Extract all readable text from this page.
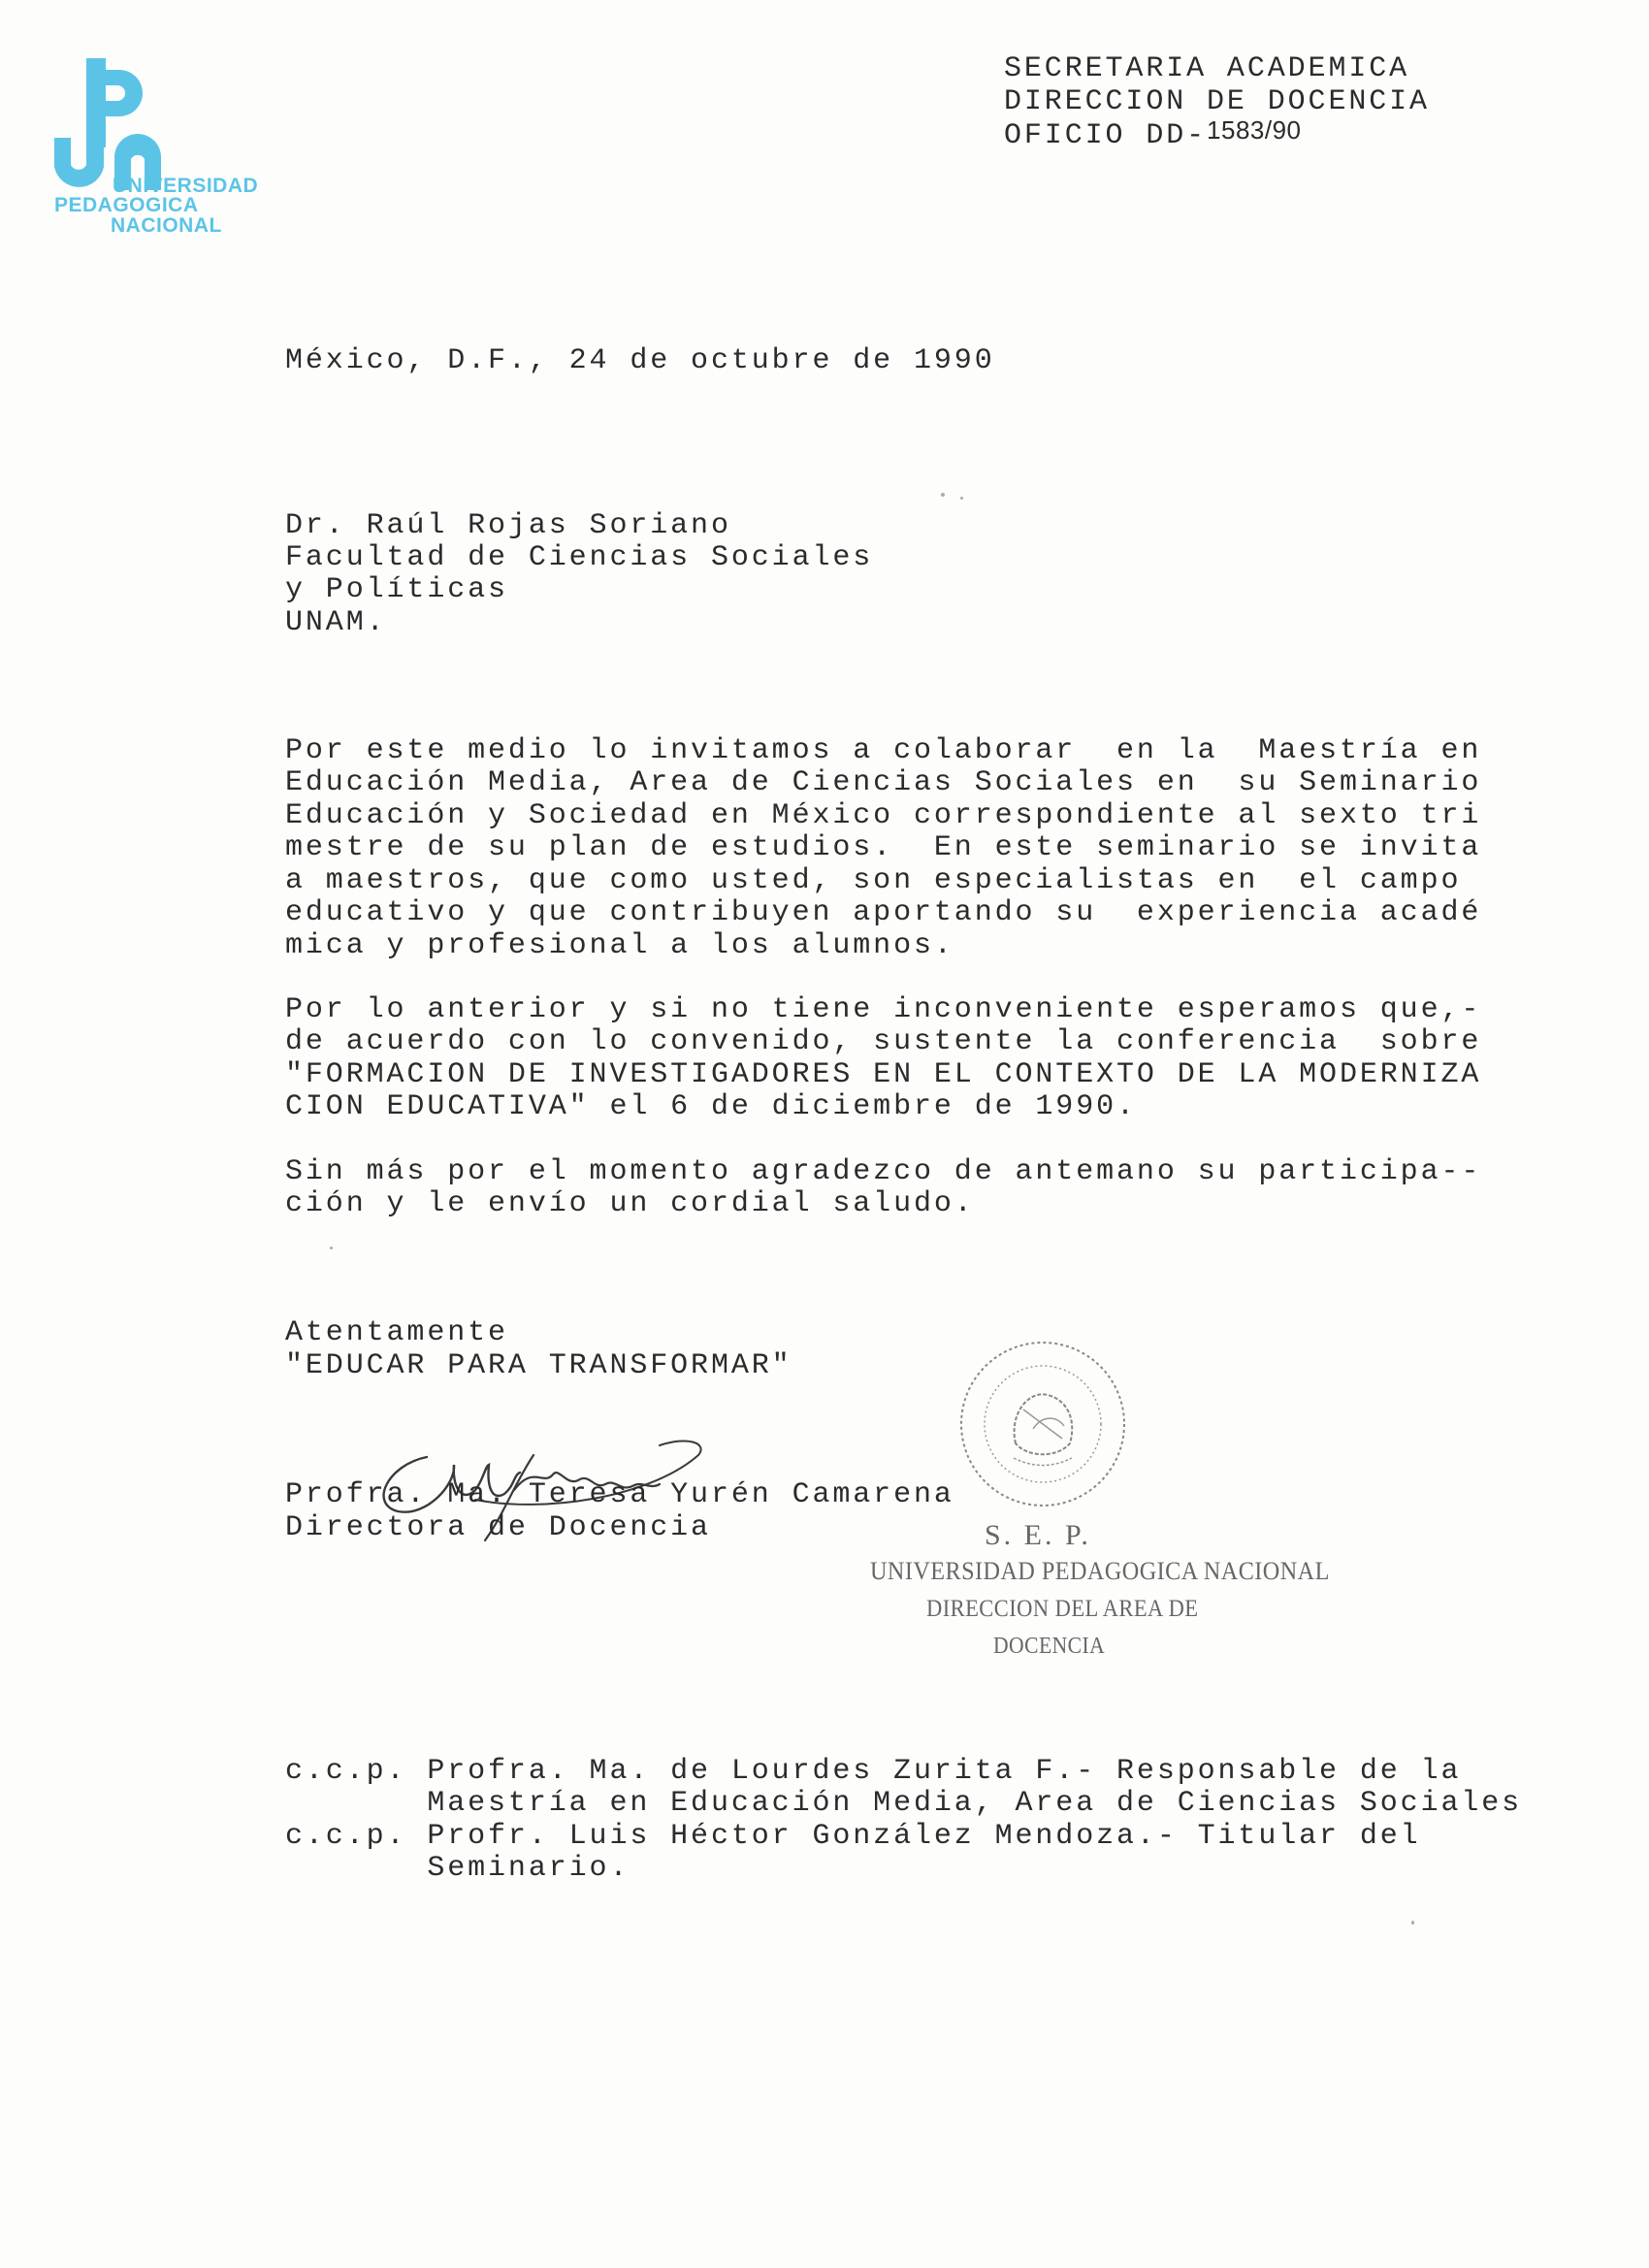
UNIVERSIDAD
PEDAGOGICA
NACIONAL
SECRETARIA ACADEMICA
DIRECCION DE DOCENCIA
OFICIO DD-1583/90
México, D.F., 24 de octubre de 1990
Dr. Raúl Rojas Soriano
Facultad de Ciencias Sociales
y Políticas
UNAM.
Por este medio lo invitamos a colaborar  en la  Maestría en
Educación Media, Area de Ciencias Sociales en  su Seminario
Educación y Sociedad en México correspondiente al sexto tri
mestre de su plan de estudios.  En este seminario se invita
a maestros, que como usted, son especialistas en  el campo
educativo y que contribuyen aportando su  experiencia acadé
mica y profesional a los alumnos.
Por lo anterior y si no tiene inconveniente esperamos que,-
de acuerdo con lo convenido, sustente la conferencia  sobre
"FORMACION DE INVESTIGADORES EN EL CONTEXTO DE LA MODERNIZA
CION EDUCATIVA" el 6 de diciembre de 1990.
Sin más por el momento agradezco de antemano su participa--
ción y le envío un cordial saludo.
Atentamente
"EDUCAR PARA TRANSFORMAR"
Profra. Ma. Teresa Yurén Camarena
Directora de Docencia	S. E. P.
UNIVERSIDAD PEDAGOGICA NACIONAL
DIRECCION DEL AREA DE
DOCENCIA
c.c.p. Profra. Ma. de Lourdes Zurita F.- Responsable de la
Maestría en Educación Media, Area de Ciencias Sociales
c.c.p. Profr. Luis Héctor González Mendoza.- Titular del
Seminario.
